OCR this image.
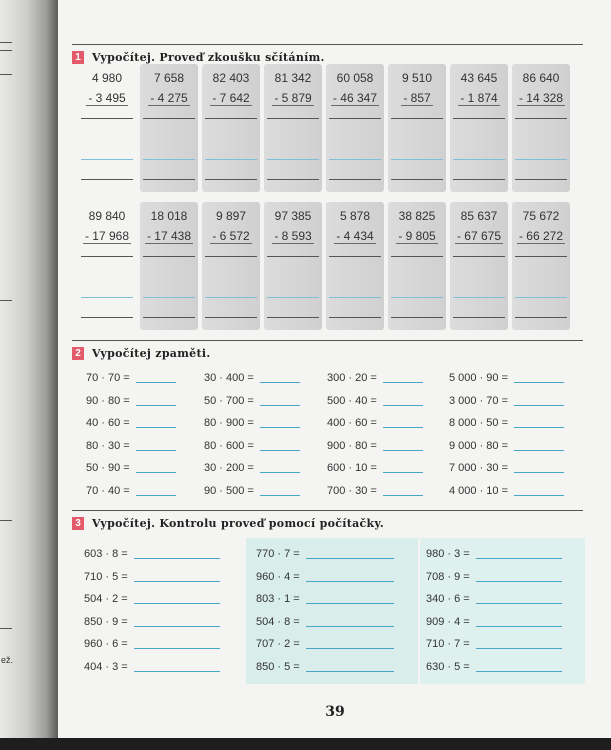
ež.
1 Vypočítej. Proveď zkoušku sčítáním.
4 980
- 3 495
7 658
- 4 275
82 403
- 7 642
81 342
- 5 879
60 058
- 46 347
9 510
- 857
43 645
- 1 874
86 640
- 14 328
89 840
- 17 968
18 018
- 17 438
9 897
- 6 572
97 385
- 8 593
5 878
- 4 434
38 825
- 9 805
85 637
- 67 675
75 672
- 66 272
2 Vypočítej zpaměti.
70 · 70 =
90 · 80 =
40 · 60 =
80 · 30 =
50 · 90 =
70 · 40 =
30 · 400 =
50 · 700 =
80 · 900 =
80 · 600 =
30 · 200 =
90 · 500 =
300 · 20 =
500 · 40 =
400 · 60 =
900 · 80 =
600 · 10 =
700 · 30 =
5 000 · 90 =
3 000 · 70 =
8 000 · 50 =
9 000 · 80 =
7 000 · 30 =
4 000 · 10 =
3 Vypočítej. Kontrolu proveď pomocí počítačky.
603 · 8 =
710 · 5 =
504 · 2 =
850 · 9 =
960 · 6 =
404 · 3 =
770 · 7 =
960 · 4 =
803 · 1 =
504 · 8 =
707 · 2 =
850 · 5 =
980 · 3 =
708 · 9 =
340 · 6 =
909 · 4 =
710 · 7 =
630 · 5 =
39
